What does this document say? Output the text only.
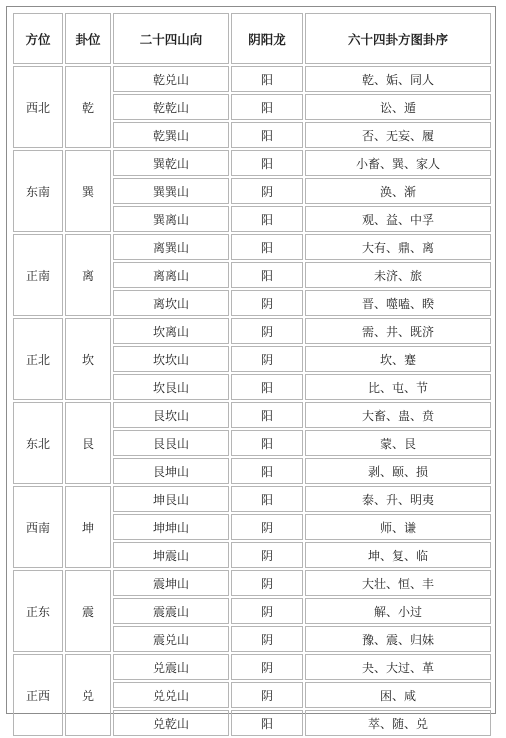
方位	卦位	二十四山向	阴阳龙	六十四卦方图卦序
西北	乾	乾兑山	阳	乾、姤、同人
		乾乾山	阳	讼、遁
		乾巽山	阳	否、无妄、履
东南	巽	巽乾山	阳	小畜、巽、家人
		巽巽山	阴	涣、渐
		巽离山	阳	观、益、中孚
正南	离	离巽山	阳	大有、鼎、离
		离离山	阳	未济、旅
		离坎山	阴	晋、噬嗑、睽
正北	坎	坎离山	阴	需、井、既济
		坎坎山	阴	坎、蹇
		坎艮山	阳	比、屯、节
东北	艮	艮坎山	阳	大畜、蛊、贲
		艮艮山	阳	蒙、艮
		艮坤山	阳	剥、颐、损
西南	坤	坤艮山	阳	泰、升、明夷
		坤坤山	阴	师、谦
		坤震山	阴	坤、复、临
正东	震	震坤山	阴	大壮、恒、丰
		震震山	阴	解、小过
		震兑山	阴	豫、震、归妹
正西	兑	兑震山	阴	夬、大过、革
		兑兑山	阴	困、咸
		兑乾山	阳	萃、随、兑
